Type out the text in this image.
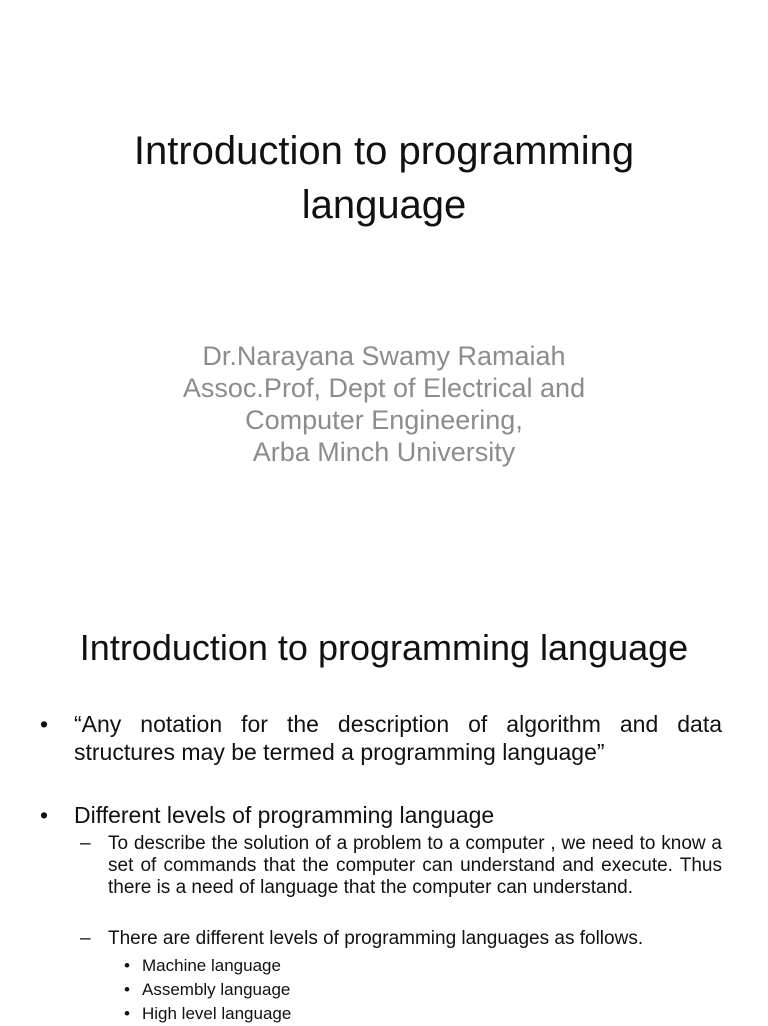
Introduction to programming language
Dr.Narayana Swamy Ramaiah
Assoc.Prof, Dept of Electrical and
Computer Engineering,
Arba Minch University
Introduction to programming language
• “Any notation for the description of algorithm and data structures may be termed a programming language”
• Different levels of programming language
– To describe the solution of a problem to a computer , we need to know a set of commands that the computer can understand and execute. Thus there is a need of language that the computer can understand.
– There are different levels of programming languages as follows.
• Machine language
• Assembly language
• High level language
